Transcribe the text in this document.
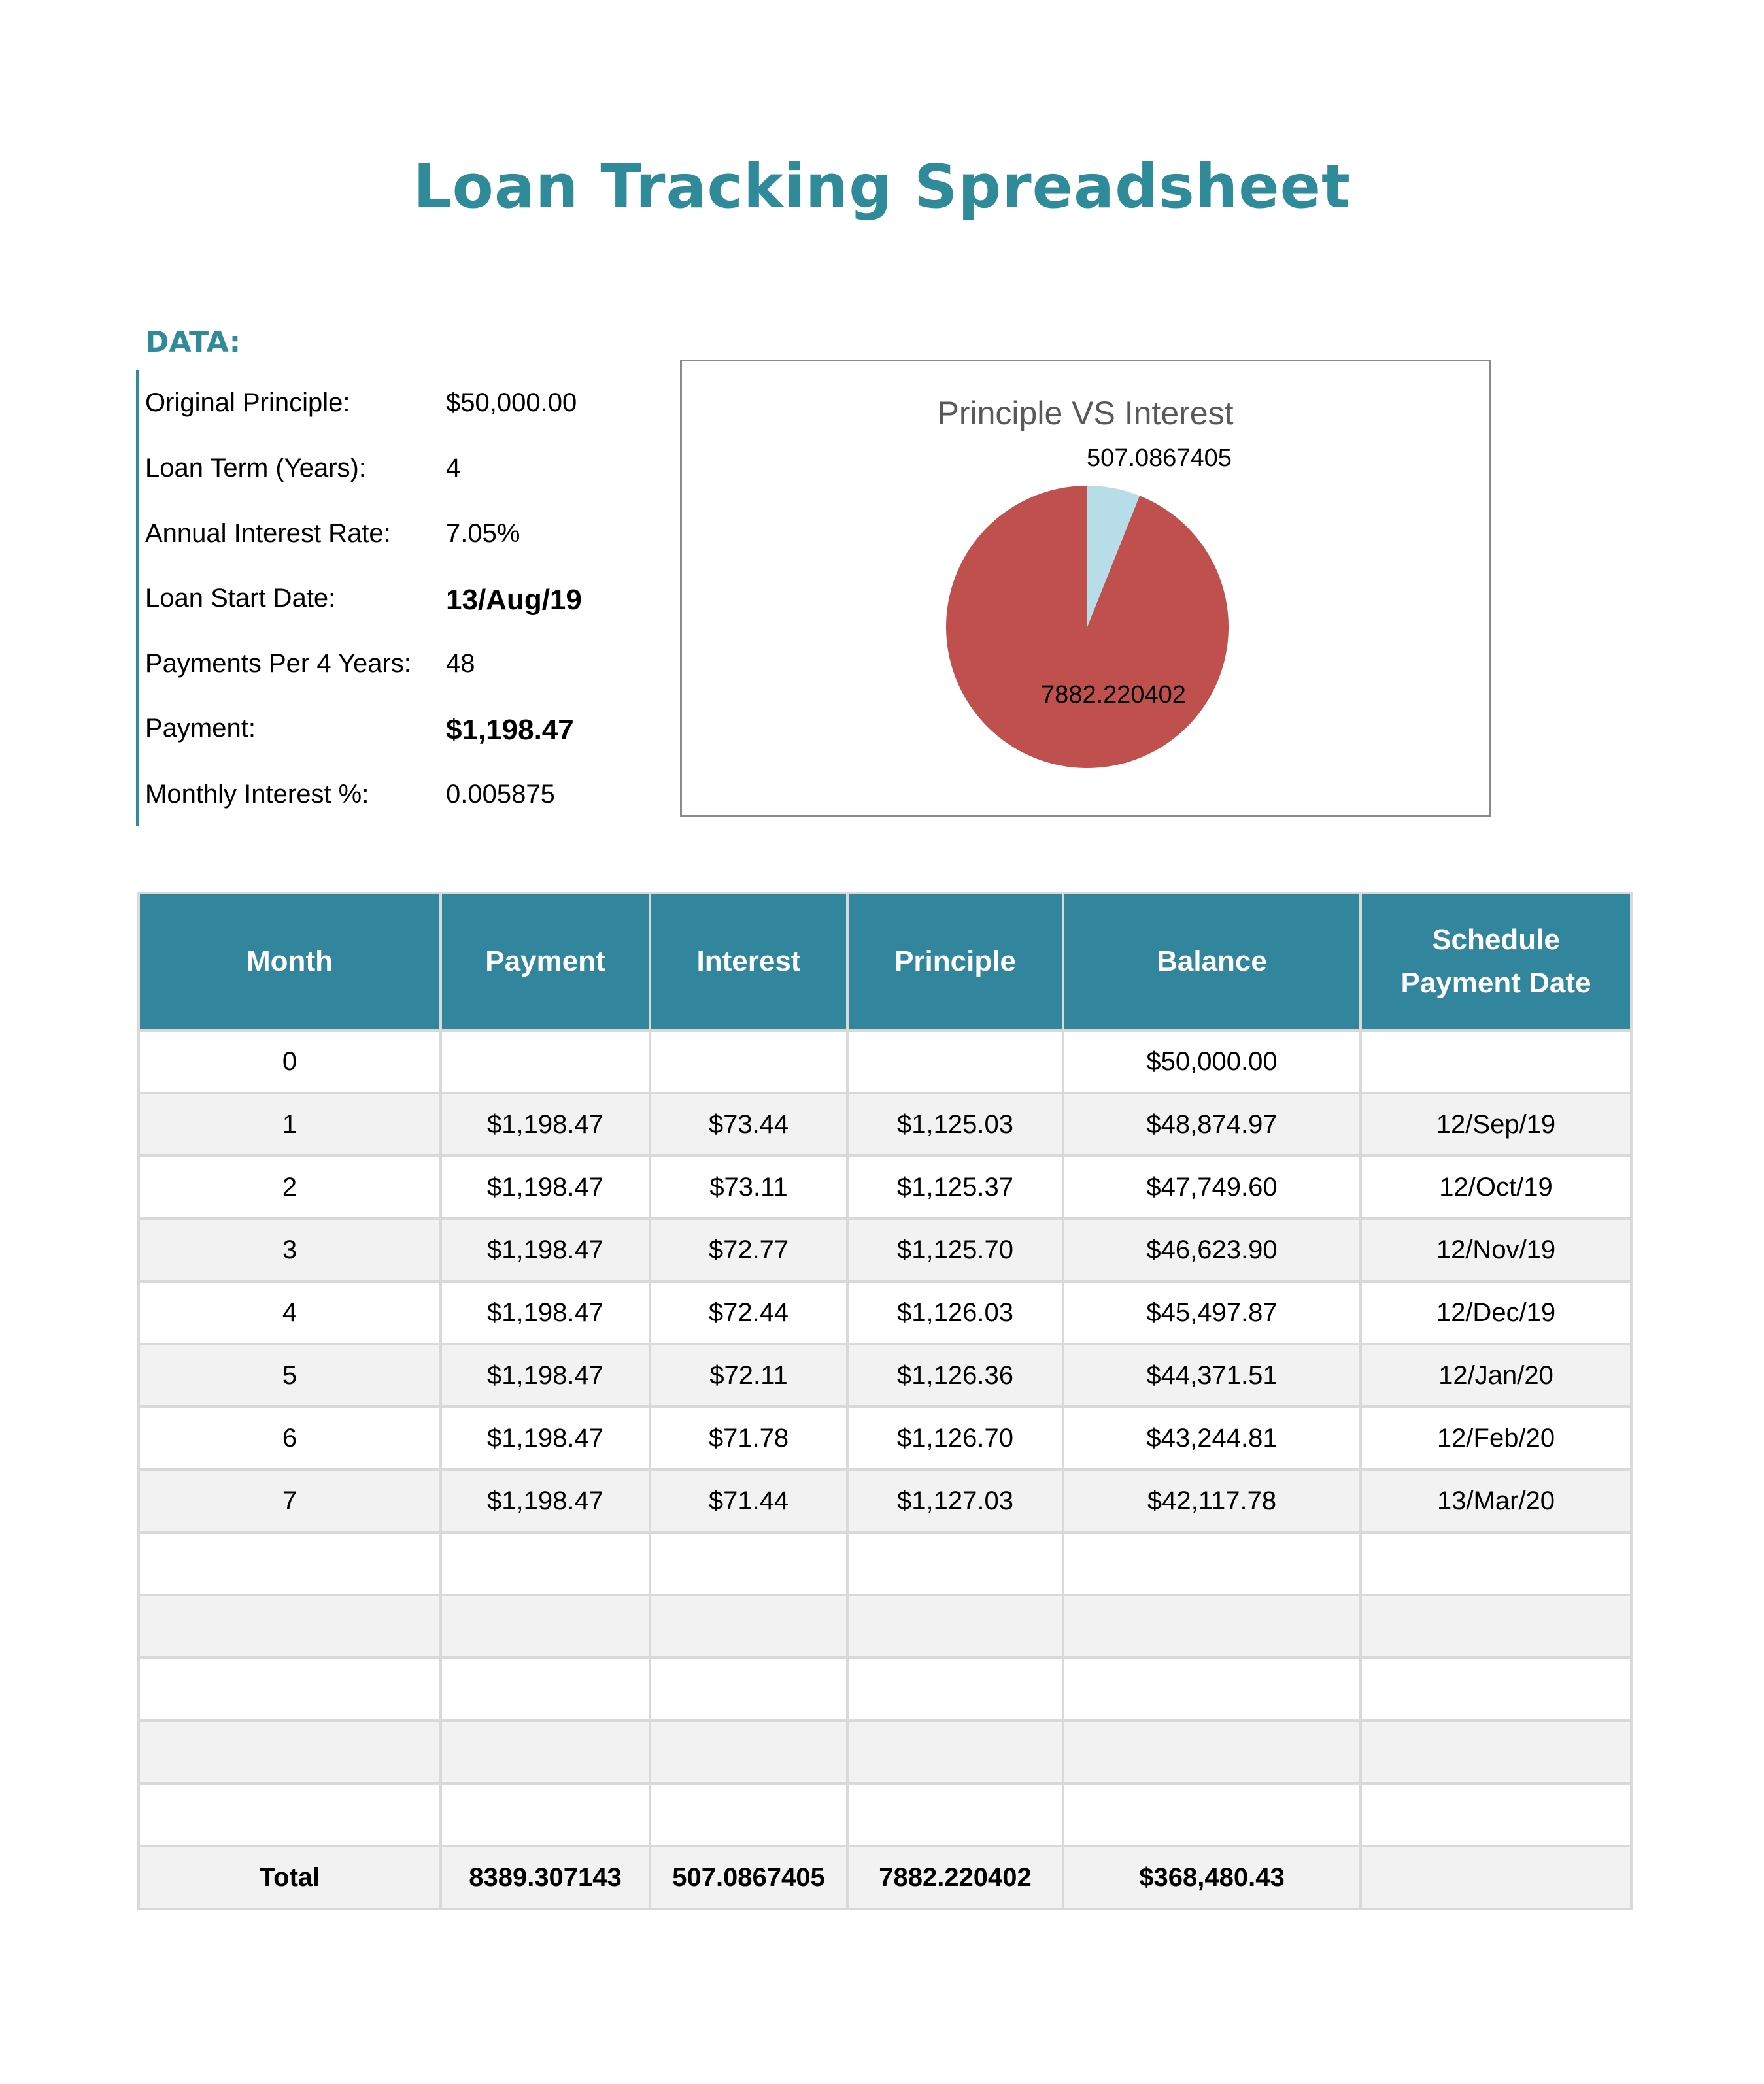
Loan Tracking Spreadsheet
DATA:
Original Principle:	$50,000.00
Loan Term (Years):	4
Annual Interest Rate: 7.05%
Loan Start Date:	13/Aug/19
Payments Per 4 Years: 48
Payment:	$1,198.47
Monthly Interest %:	0.005875
Principle VS Interest
507.0867405
7882.220402
Month	Payment	Interest	Principle	Balance	Schedule Payment Date
0				$50,000.00	
1	$1,198.47	$73.44	$1,125.03	$48,874.97	12/Sep/19
2	$1,198.47	$73.11	$1,125.37	$47,749.60	12/Oct/19
3	$1,198.47	$72.77	$1,125.70	$46,623.90	12/Nov/19
4	$1,198.47	$72.44	$1,126.03	$45,497.87	12/Dec/19
5	$1,198.47	$72.11	$1,126.36	$44,371.51	12/Jan/20
6	$1,198.47	$71.78	$1,126.70	$43,244.81	12/Feb/20
7	$1,198.47	$71.44	$1,127.03	$42,117.78	13/Mar/20

Total	8389.307143	507.0867405	7882.220402	$368,480.43	
